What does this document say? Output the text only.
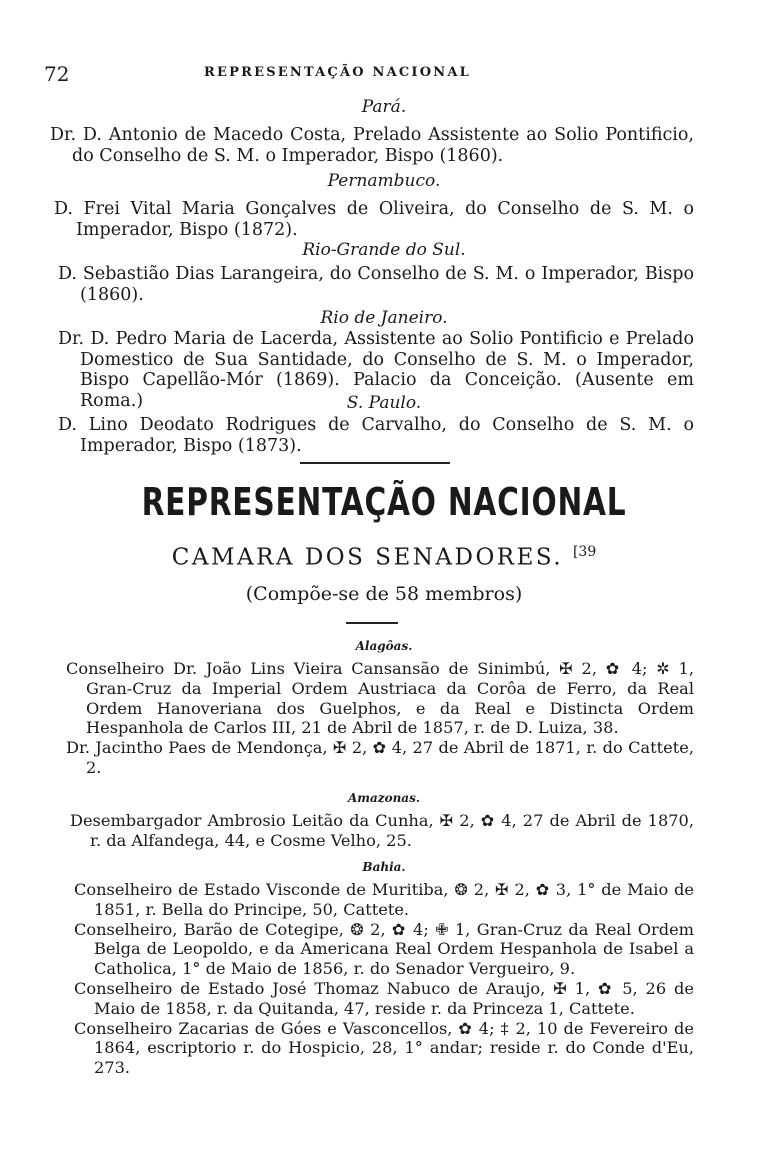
72	REPRESENTAÇÃO NACIONAL
Pará.
Dr. D. Antonio de Macedo Costa, Prelado Assistente ao Solio Pontificio, do Conselho de S. M. o Imperador, Bispo (1860).
Pernambuco.
D. Frei Vital Maria Gonçalves de Oliveira, do Conselho de S. M. o Imperador, Bispo (1872).
Rio-Grande do Sul.
D. Sebastião Dias Larangeira, do Conselho de S. M. o Imperador, Bispo (1860).
Rio de Janeiro.
Dr. D. Pedro Maria de Lacerda, Assistente ao Solio Pontificio e Prelado Domestico de Sua Santidade, do Conselho de S. M. o Imperador, Bispo Capellão-Mór (1869). Palacio da Conceição. (Ausente em Roma.)	S. Paulo.
D. Lino Deodato Rodrigues de Carvalho, do Conselho de S. M. o Imperador, Bispo (1873).
REPRESENTAÇÃO NACIONAL
CAMARA DOS SENADORES. $^{[39}$
(Compõe-se de 58 membros)
Alagôas.
Conselheiro Dr. João Lins Vieira Cansansão de Sinimbú, ✠ 2, ✿ 4; ✲ 1, Gran-Cruz da Imperial Ordem Austriaca da Corôa de Ferro, da Real Ordem Hanoveriana dos Guelphos, e da Real e Distincta Ordem Hespanhola de Carlos III, 21 de Abril de 1857, r. de D. Luiza, 38.
Dr. Jacintho Paes de Mendonça, ✠ 2, ✿ 4, 27 de Abril de 1871, r. do Cattete, 2.
Amazonas.
Desembargador Ambrosio Leitão da Cunha, ✠ 2, ✿ 4, 27 de Abril de 1870, r. da Alfandega, 44, e Cosme Velho, 25.
Bahia.
Conselheiro de Estado Visconde de Muritiba, ❂ 2, ✠ 2, ✿ 3, 1° de Maio de 1851, r. Bella do Principe, 50, Cattete.
Conselheiro, Barão de Cotegipe, ❂ 2, ✿ 4; ✙ 1, Gran-Cruz da Real Ordem Belga de Leopoldo, e da Americana Real Ordem Hespanhola de Isabel a Catholica, 1° de Maio de 1856, r. do Senador Vergueiro, 9.
Conselheiro de Estado José Thomaz Nabuco de Araujo, ✠ 1, ✿ 5, 26 de Maio de 1858, r. da Quitanda, 47, reside r. da Princeza 1, Cattete.
Conselheiro Zacarias de Góes e Vasconcellos, ✿ 4; ‡ 2, 10 de Fevereiro de 1864, escriptorio r. do Hospicio, 28, 1° andar; reside r. do Conde d'Eu, 273.
